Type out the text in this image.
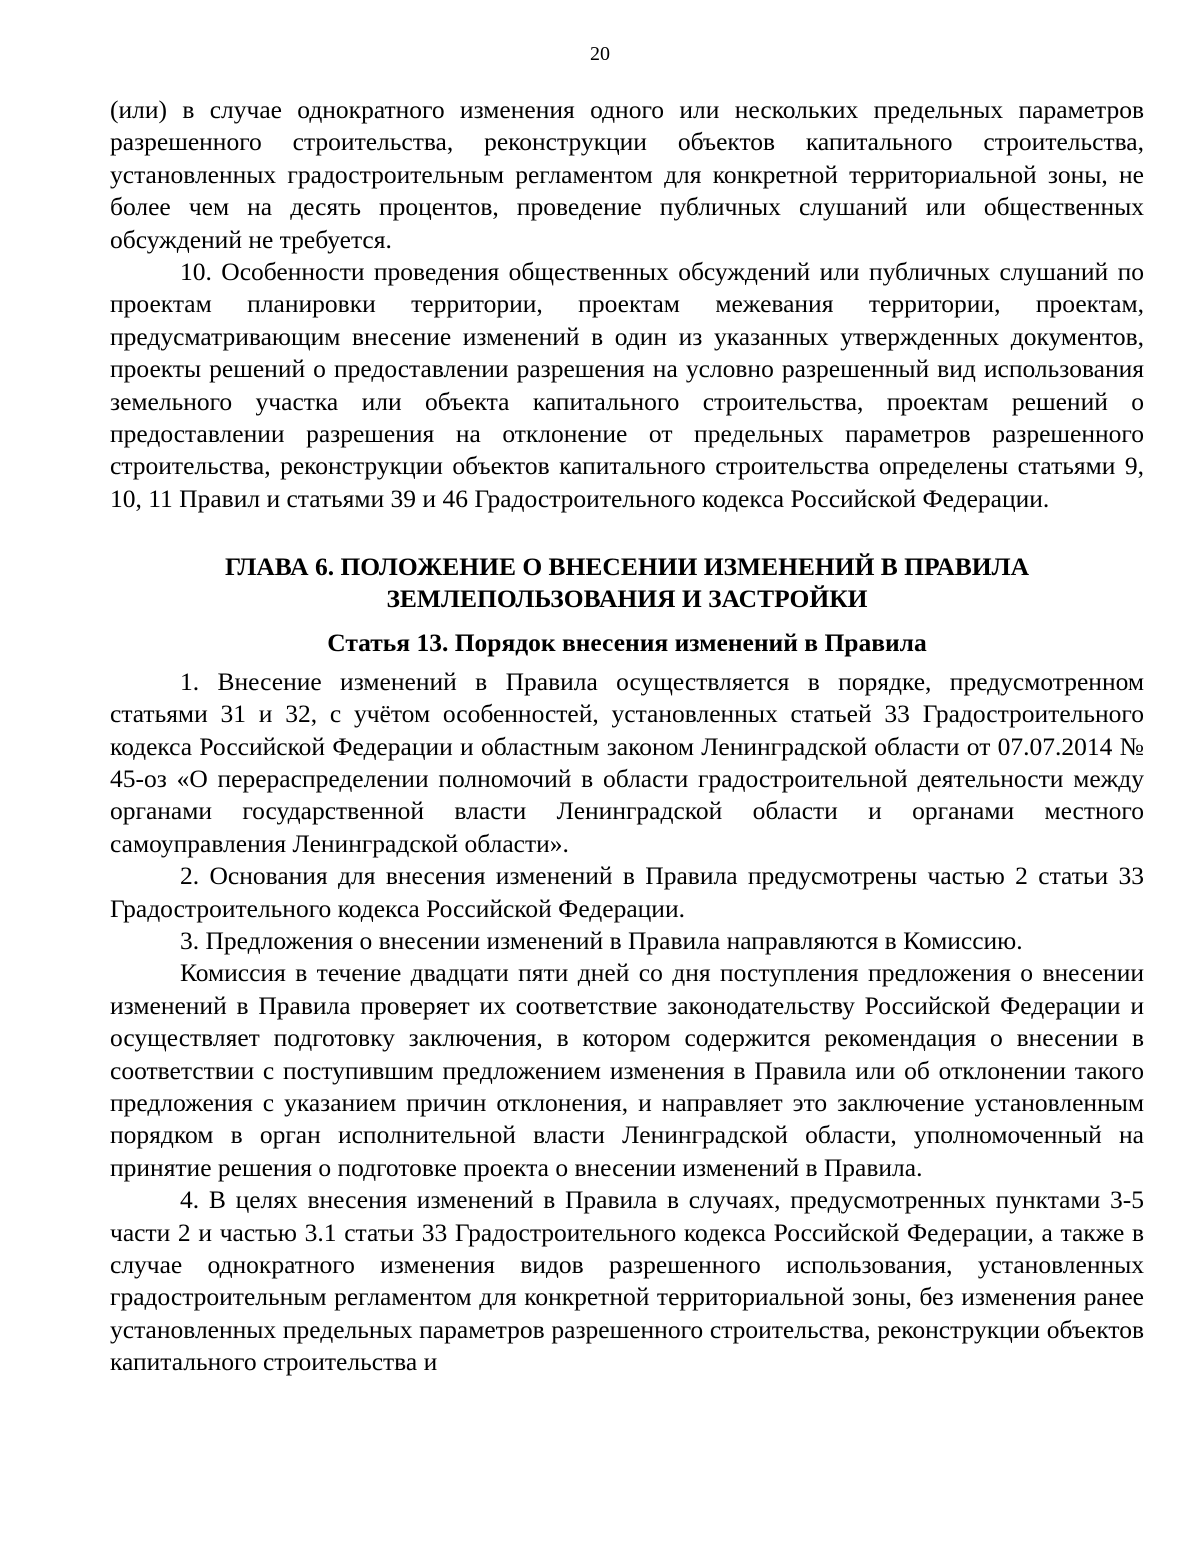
20

(или) в случае однократного изменения одного или нескольких предельных параметров разрешенного строительства, реконструкции объектов капитального строительства, установленных градостроительным регламентом для конкретной территориальной зоны, не более чем на десять процентов, проведение публичных слушаний или общественных обсуждений не требуется.

10. Особенности проведения общественных обсуждений или публичных слушаний по проектам планировки территории, проектам межевания территории, проектам, предусматривающим внесение изменений в один из указанных утвержденных документов, проекты решений о предоставлении разрешения на условно разрешенный вид использования земельного участка или объекта капитального строительства, проектам решений о предоставлении разрешения на отклонение от предельных параметров разрешенного строительства, реконструкции объектов капитального строительства определены статьями 9, 10, 11 Правил и статьями 39 и 46 Градостроительного кодекса Российской Федерации.

ГЛАВА 6. ПОЛОЖЕНИЕ О ВНЕСЕНИИ ИЗМЕНЕНИЙ В ПРАВИЛА
ЗЕМЛЕПОЛЬЗОВАНИЯ И ЗАСТРОЙКИ

Статья 13. Порядок внесения изменений в Правила

1. Внесение изменений в Правила осуществляется в порядке, предусмотренном статьями 31 и 32, с учётом особенностей, установленных статьей 33 Градостроительного кодекса Российской Федерации и областным законом Ленинградской области от 07.07.2014 № 45-оз «О перераспределении полномочий в области градостроительной деятельности между органами государственной власти Ленинградской области и органами местного самоуправления Ленинградской области».

2. Основания для внесения изменений в Правила предусмотрены частью 2 статьи 33 Градостроительного кодекса Российской Федерации.

3. Предложения о внесении изменений в Правила направляются в Комиссию.

Комиссия в течение двадцати пяти дней со дня поступления предложения о внесении изменений в Правила проверяет их соответствие законодательству Российской Федерации и осуществляет подготовку заключения, в котором содержится рекомендация о внесении в соответствии с поступившим предложением изменения в Правила или об отклонении такого предложения с указанием причин отклонения, и направляет это заключение установленным порядком в орган исполнительной власти Ленинградской области, уполномоченный на принятие решения о подготовке проекта о внесении изменений в Правила.

4. В целях внесения изменений в Правила в случаях, предусмотренных пунктами 3-5 части 2 и частью 3.1 статьи 33 Градостроительного кодекса Российской Федерации, а также в случае однократного изменения видов разрешенного использования, установленных градостроительным регламентом для конкретной территориальной зоны, без изменения ранее установленных предельных параметров разрешенного строительства, реконструкции объектов капитального строительства и
